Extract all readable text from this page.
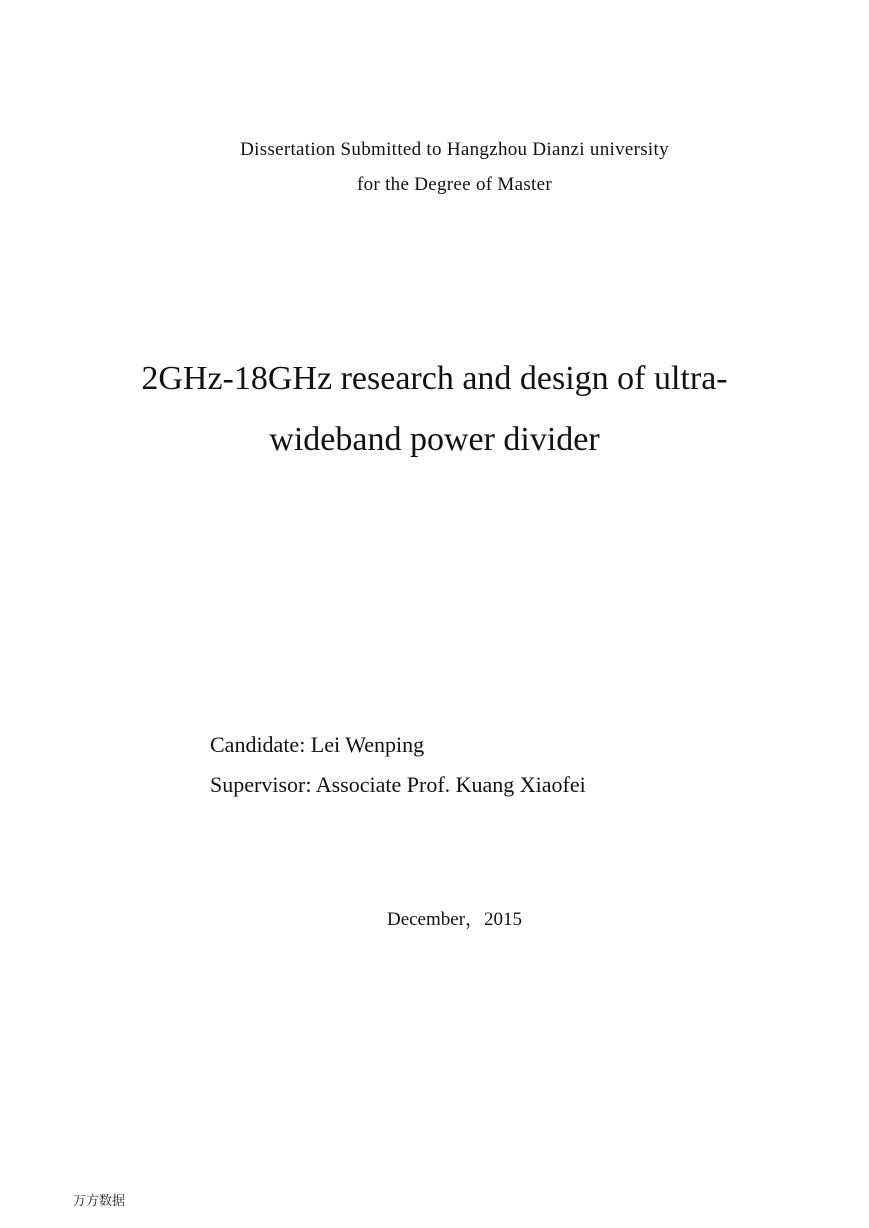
Dissertation Submitted to Hangzhou Dianzi university
for the Degree of Master
2GHz-18GHz research and design of ultra-
wideband power divider
Candidate: Lei Wenping
Supervisor: Associate Prof. Kuang Xiaofei
December，2015
万方数据
